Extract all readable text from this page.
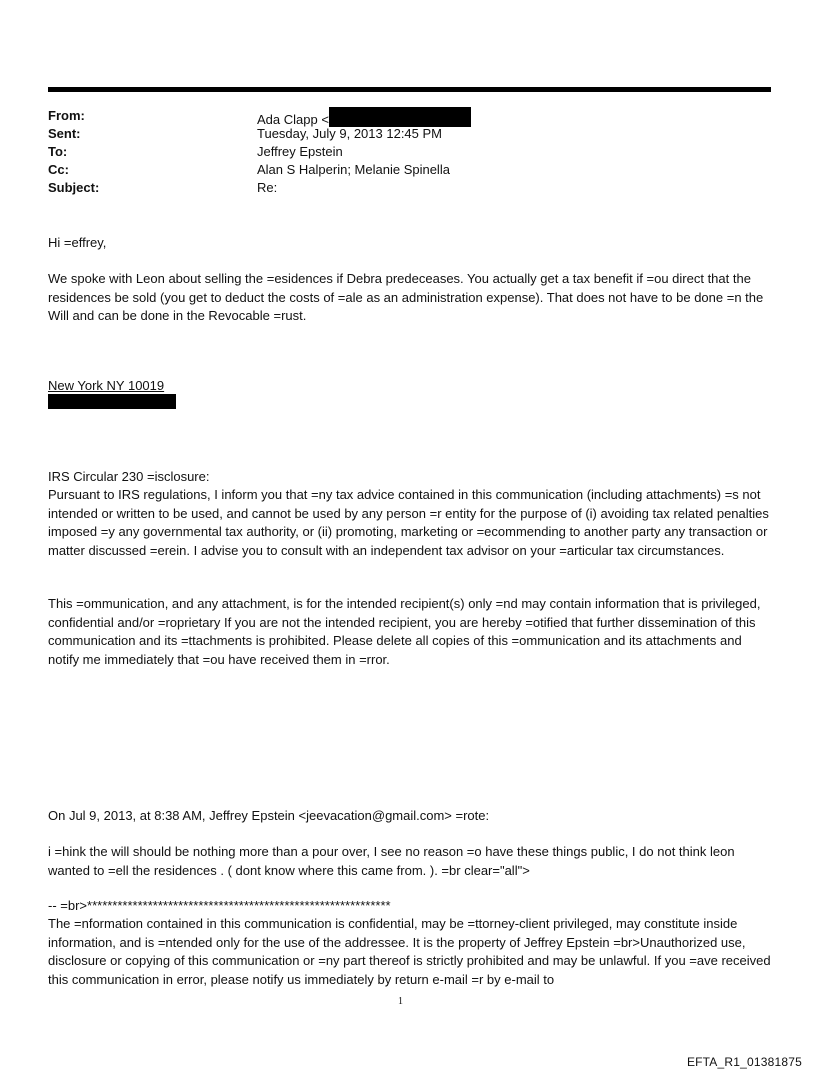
From:	Ada Clapp <
Sent:	Tuesday, July 9, 2013 12:45 PM
To:	Jeffrey Epstein
Cc:	Alan S Halperin; Melanie Spinella
Subject:	Re:

Hi =effrey,

We spoke with Leon about selling the =esidences if Debra predeceases. You actually get a tax benefit if =ou direct that the residences be sold (you get to deduct the costs of =ale as an administration expense). That does not have to be done =n the Will and can be done in the Revocable =rust.

New York NY 10019

IRS Circular 230 =isclosure:

Pursuant to IRS regulations, I inform you that =ny tax advice contained in this communication (including attachments) =s not intended or written to be used, and cannot be used by any person =r entity for the purpose of (i) avoiding tax related penalties imposed =y any governmental tax authority, or (ii) promoting, marketing or =ecommending to another party any transaction or matter discussed =erein. I advise you to consult with an independent tax advisor on your =articular tax circumstances.

This =ommunication, and any attachment, is for the intended recipient(s) only =nd may contain information that is privileged, confidential and/or =roprietary If you are not the intended recipient, you are hereby =otified that further dissemination of this communication and its =ttachments is prohibited. Please delete all copies of this =ommunication and its attachments and notify me immediately that =ou have received them in =rror.

On Jul 9, 2013, at 8:38 AM, Jeffrey Epstein <jeevacation@gmail.com> =rote:

i =hink the will should be nothing more than a pour over, I see no reason =o have these things public, I do not think leon wanted to =ell the residences . ( dont know where this came from. ). =br clear="all">

-- =br>************************************************************

The =nformation contained in this communication is confidential, may be =ttorney-client privileged, may constitute inside information, and is =ntended only for the use of the addressee. It is the property of Jeffrey Epstein =br>Unauthorized use, disclosure or copying of this communication or =ny part thereof is strictly prohibited and may be unlawful. If you =ave received this communication in error, please notify us immediately by return e-mail =r by e-mail to

1
EFTA_R1_01381875
